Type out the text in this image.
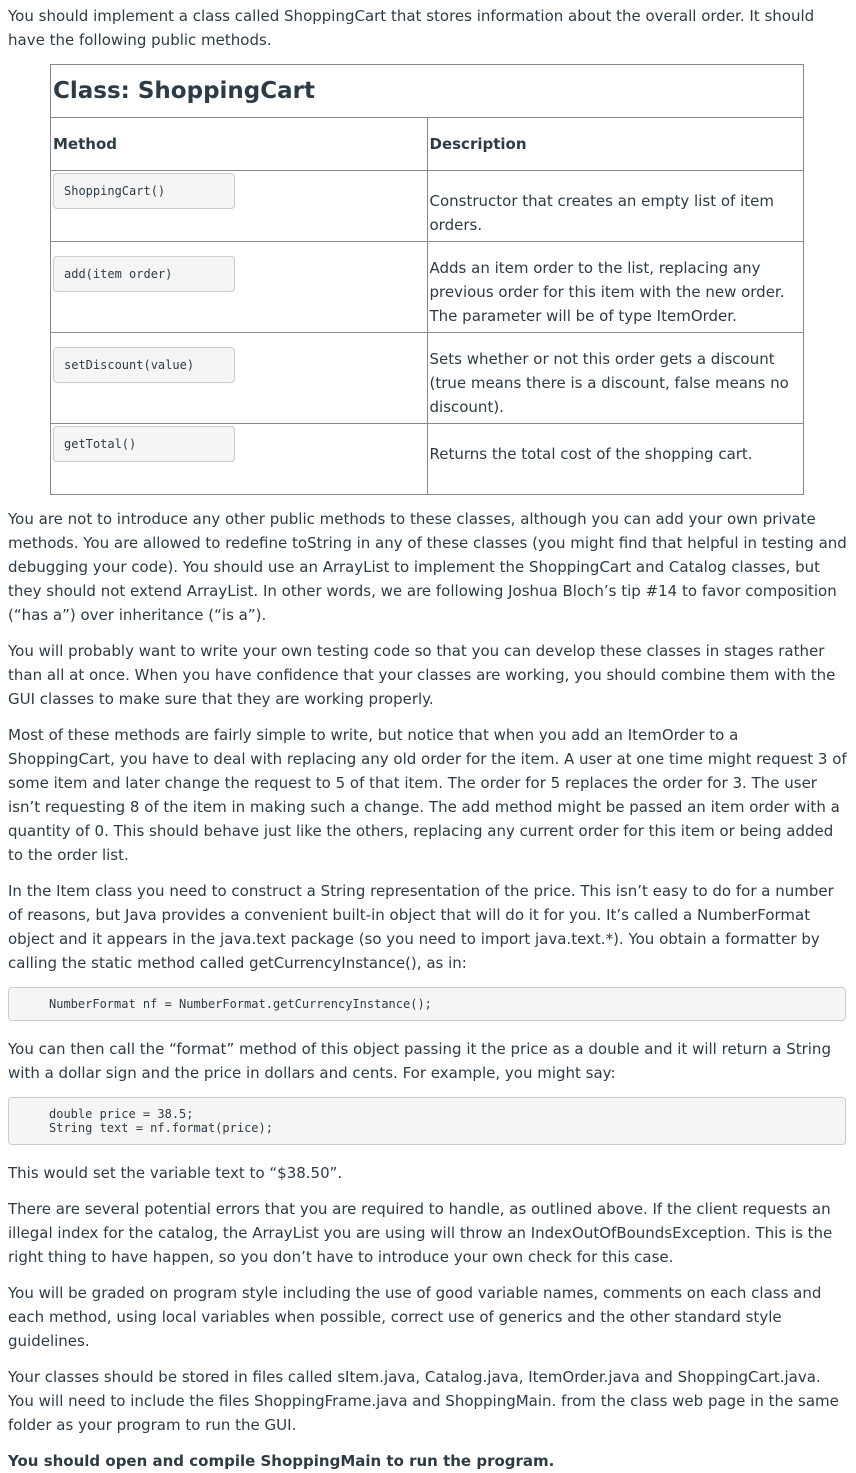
You should implement a class called ShoppingCart that stores information about the overall order. It should have the following public methods.

Class: ShoppingCart	
Method	Description

ShoppingCart()	Constructor that creates an empty list of item orders.

add(item order)	Adds an item order to the list, replacing any previous order for this item with the new order. The parameter will be of type ItemOrder.

setDiscount(value)	Sets whether or not this order gets a discount (true means there is a discount, false means no discount).

getTotal()	Returns the total cost of the shopping cart.

You are not to introduce any other public methods to these classes, although you can add your own private methods. You are allowed to redefine toString in any of these classes (you might find that helpful in testing and debugging your code). You should use an ArrayList to implement the ShoppingCart and Catalog classes, but they should not extend ArrayList. In other words, we are following Joshua Bloch’s tip #14 to favor composition (“has a”) over inheritance (“is a”).

You will probably want to write your own testing code so that you can develop these classes in stages rather than all at once. When you have confidence that your classes are working, you should combine them with the GUI classes to make sure that they are working properly.

Most of these methods are fairly simple to write, but notice that when you add an ItemOrder to a ShoppingCart, you have to deal with replacing any old order for the item. A user at one time might request 3 of some item and later change the request to 5 of that item. The order for 5 replaces the order for 3. The user isn’t requesting 8 of the item in making such a change. The add method might be passed an item order with a quantity of 0. This should behave just like the others, replacing any current order for this item or being added to the order list.

In the Item class you need to construct a String representation of the price. This isn’t easy to do for a number of reasons, but Java provides a convenient built-in object that will do it for you. It’s called a NumberFormat object and it appears in the java.text package (so you need to import java.text.*). You obtain a formatter by calling the static method called getCurrencyInstance(), as in:

NumberFormat nf = NumberFormat.getCurrencyInstance();

You can then call the “format” method of this object passing it the price as a double and it will return a String with a dollar sign and the price in dollars and cents. For example, you might say:

double price = 38.5;
String text = nf.format(price);

This would set the variable text to “$38.50”.

There are several potential errors that you are required to handle, as outlined above. If the client requests an illegal index for the catalog, the ArrayList you are using will throw an IndexOutOfBoundsException. This is the right thing to have happen, so you don’t have to introduce your own check for this case.

You will be graded on program style including the use of good variable names, comments on each class and each method, using local variables when possible, correct use of generics and the other standard style guidelines.

Your classes should be stored in files called sItem.java, Catalog.java, ItemOrder.java and ShoppingCart.java. You will need to include the files ShoppingFrame.java and ShoppingMain. from the class web page in the same folder as your program to run the GUI.

You should open and compile ShoppingMain to run the program.
